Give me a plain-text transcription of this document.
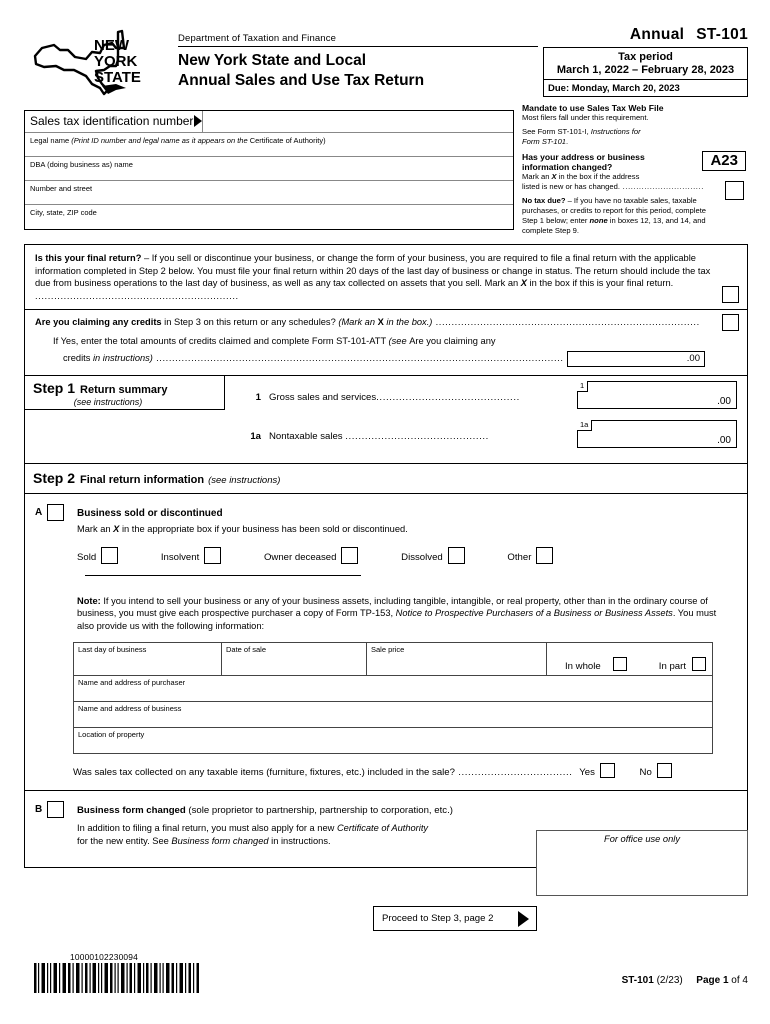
NEW
YORK
STATE
Department of Taxation and Finance
New York State and Local
Annual Sales and Use Tax Return
Annual ST-101
Tax period
March 1, 2022 – February 28, 2023
Due: Monday, March 20, 2023
Sales tax identification number
Legal name (Print ID number and legal name as it appears on the Certificate of Authority)
DBA (doing business as) name
Number and street
City, state, ZIP code
Mandate to use Sales Tax Web File
Most filers fall under this requirement.
See Form ST-101-I, Instructions for
Form ST-101.
Has your address or business
information changed?
Mark an X in the box if the address
listed is new or has changed. ..............................
No tax due? – If you have no taxable sales, taxable
purchases, or credits to report for this period, complete
Step 1 below; enter none in boxes 12, 13, and 14, and
complete Step 9.
A23
Is this your final return? – If you sell or discontinue your business, or change the form of your business, you are required to file a final return with the applicable information completed in Step 2 below. You must file your final return within 20 days of the last day of business or change in status. The return should include the tax due from business operations to the last day of business, as well as any tax collected on assets that you sell. Mark an X in the box if this is your final return. ................................................................
Are you claiming any credits in Step 3 on this return or any schedules? (Mark an X in the box.) ...................................................................................
If Yes, enter the total amounts of credits claimed and complete Form ST-101-ATT (see Are you claiming any
credits in instructions) ................................................................................................................................	.00
Step 1 Return summary
(see instructions)	1 Gross sales and services............................................
1
.00
1a Nontaxable sales ............................................
1a
.00
Step 2 Final return information (see instructions)
A	Business sold or discontinued
Mark an X in the appropriate box if your business has been sold or discontinued.
Sold	Insolvent	Owner deceased	Dissolved	Other
Note: If you intend to sell your business or any of your business assets, including tangible, intangible, or real property, other than in the ordinary course of business, you must give each prospective purchaser a copy of Form TP-153, Notice to Prospective Purchasers of a Business or Business Assets. You must also provide us with the following information:
Last day of business	Date of sale	Sale price
In whole	In part
Name and address of purchaser
Name and address of business
Location of property
Was sales tax collected on any taxable items (furniture, fixtures, etc.) included in the sale? ................................... Yes	No
B	Business form changed (sole proprietor to partnership, partnership to corporation, etc.)
In addition to filing a final return, you must also apply for a new Certificate of Authority
for the new entity. See Business form changed in instructions.	For office use only
Proceed to Step 3, page 2
10000102230094
ST-101 (2/23) Page 1 of 4
